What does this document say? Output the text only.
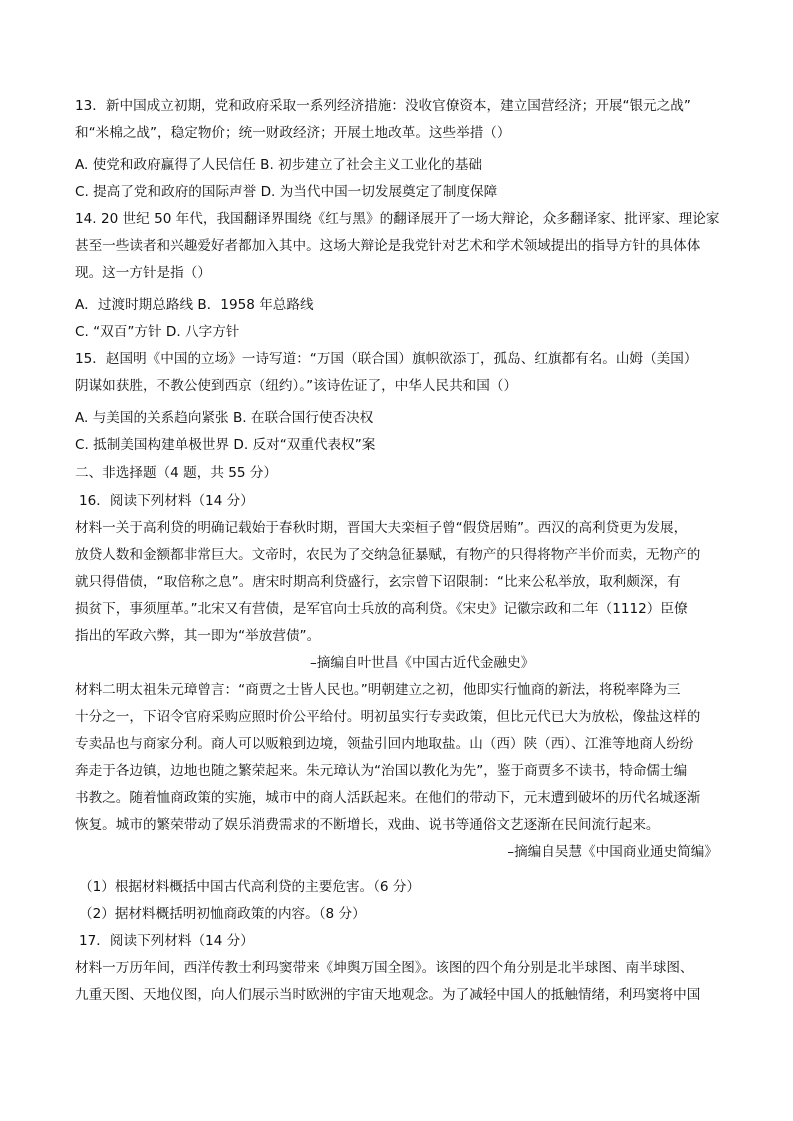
13．新中国成立初期，党和政府采取一系列经济措施：没收官僚资本，建立国营经济；开展“银元之战”
和“米棉之战”，稳定物价；统一财政经济；开展土地改革。这些举措（）
A. 使党和政府赢得了人民信任 B. 初步建立了社会主义工业化的基础
C. 提高了党和政府的国际声誉 D. 为当代中国一切发展奠定了制度保障
14. 20 世纪 50 年代，我国翻译界围绕《红与黑》的翻译展开了一场大辩论，众多翻译家、批评家、理论家
甚至一些读者和兴趣爱好者都加入其中。这场大辩论是我党针对艺术和学术领域提出的指导方针的具体体
现。这一方针是指（）
A．过渡时期总路线 B．1958 年总路线
C. “双百”方针 D. 八字方针
15．赵国明《中国的立场》一诗写道：“万国（联合国）旗帜欲添丁，孤岛、红旗都有名。山姆（美国）
阴谋如获胜，不教公使到西京（纽约）。”该诗佐证了，中华人民共和国（）
A. 与美国的关系趋向紧张 B. 在联合国行使否决权
C. 抵制美国构建单极世界 D. 反对“双重代表权”案
二、非选择题（4 题，共 55 分）
16．阅读下列材料（14 分）
材料一关于高利贷的明确记载始于春秋时期，晋国大夫栾桓子曾“假贷居贿”。西汉的高利贷更为发展，
放贷人数和金额都非常巨大。文帝时，农民为了交纳急征暴赋，有物产的只得将物产半价而卖，无物产的
就只得借债，“取倍称之息”。唐宋时期高利贷盛行，玄宗曾下诏限制：“比来公私举放，取利颇深，有
损贫下，事须厘革。”北宋又有营债，是军官向士兵放的高利贷。《宋史》记徽宗政和二年（1112）臣僚
指出的军政六弊，其一即为“举放营债”。
–摘编自叶世昌《中国古近代金融史》
材料二明太祖朱元璋曾言：“商贾之士皆人民也。”明朝建立之初，他即实行恤商的新法，将税率降为三
十分之一，下诏令官府采购应照时价公平给付。明初虽实行专卖政策，但比元代已大为放松，像盐这样的
专卖品也与商家分利。商人可以贩粮到边境，领盐引回内地取盐。山（西）陕（西）、江淮等地商人纷纷
奔走于各边镇，边地也随之繁荣起来。朱元璋认为“治国以教化为先”，鉴于商贾多不读书，特命儒士编
书教之。随着恤商政策的实施，城市中的商人活跃起来。在他们的带动下，元末遭到破坏的历代名城逐渐
恢复。城市的繁荣带动了娱乐消费需求的不断增长，戏曲、说书等通俗文艺逐渐在民间流行起来。
–摘编自吴慧《中国商业通史简编》
（1）根据材料概括中国古代高利贷的主要危害。（6 分）
（2）据材料概括明初恤商政策的内容。（8 分）
17．阅读下列材料（14 分）
材料一万历年间，西洋传教士利玛窦带来《坤舆万国全图》。该图的四个角分别是北半球图、南半球图、
九重天图、天地仪图，向人们展示当时欧洲的宇宙天地观念。为了减轻中国人的抵触情绪，利玛窦将中国
